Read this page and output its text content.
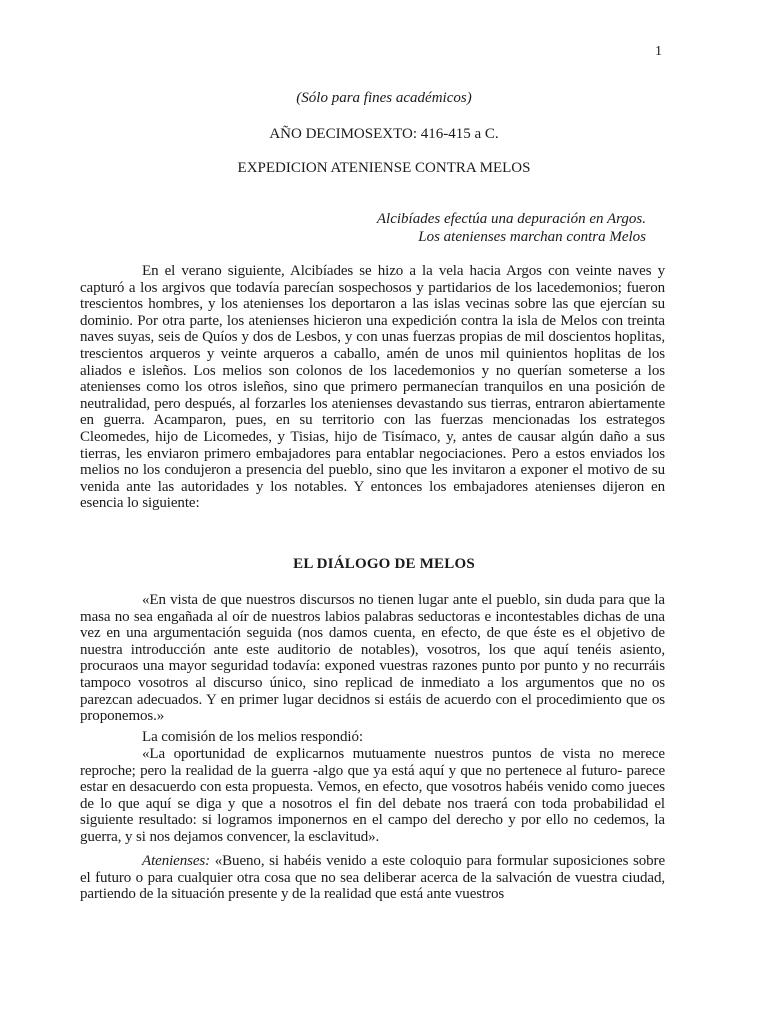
1
(Sólo para fines académicos)
AÑO DECIMOSEXTO: 416-415 a C.
EXPEDICION ATENIENSE CONTRA MELOS
Alcibíades efectúa una depuración en Argos.
Los atenienses marchan contra Melos

En el verano siguiente, Alcibíades se hizo a la vela hacia Argos con veinte naves y capturó a los argivos que todavía parecían sospechosos y partidarios de los lacedemonios; fueron trescientos hombres, y los atenienses los deportaron a las islas vecinas sobre las que ejercían su dominio. Por otra parte, los atenienses hicieron una expedición contra la isla de Melos con treinta naves suyas, seis de Quíos y dos de Lesbos, y con unas fuerzas propias de mil doscientos hoplitas, trescientos arqueros y veinte arqueros a caballo, amén de unos mil quinientos hoplitas de los aliados e isleños. Los melios son colonos de los lacedemonios y no querían someterse a los atenienses como los otros isleños, sino que primero permanecían tranquilos en una posición de neutralidad, pero después, al forzarles los atenienses devastando sus tierras, entraron abiertamente en guerra. Acamparon, pues, en su territorio con las fuerzas mencionadas los estrategos Cleomedes, hijo de Licomedes, y Tisias, hijo de Tisímaco, y, antes de causar algún daño a sus tierras, les enviaron primero embajadores para entablar negociaciones. Pero a estos enviados los melios no los condujeron a presencia del pueblo, sino que les invitaron a exponer el motivo de su venida ante las autoridades y los notables. Y entonces los embajadores atenienses dijeron en esencia lo siguiente:

EL DIÁLOGO DE MELOS

«En vista de que nuestros discursos no tienen lugar ante el pueblo, sin duda para que la masa no sea engañada al oír de nuestros labios palabras seductoras e incontestables dichas de una vez en una argumentación seguida (nos damos cuenta, en efecto, de que éste es el objetivo de nuestra introducción ante este auditorio de notables), vosotros, los que aquí tenéis asiento, procuraos una mayor seguridad todavía: exponed vuestras razones punto por punto y no recurráis tampoco vosotros al discurso único, sino replicad de inmediato a los argumentos que no os parezcan adecuados. Y en primer lugar decidnos si estáis de acuerdo con el procedimiento que os proponemos.»

La comisión de los melios respondió:

«La oportunidad de explicarnos mutuamente nuestros puntos de vista no merece reproche; pero la realidad de la guerra -algo que ya está aquí y que no pertenece al futuro- parece estar en desacuerdo con esta propuesta. Vemos, en efecto, que vosotros habéis venido como jueces de lo que aquí se diga y que a nosotros el fin del debate nos traerá con toda probabilidad el siguiente resultado: si logramos imponernos en el campo del derecho y por ello no cedemos, la guerra, y si nos dejamos convencer, la esclavitud».

Atenienses: «Bueno, si habéis venido a este coloquio para formular suposiciones sobre el futuro o para cualquier otra cosa que no sea deliberar acerca de la salvación de vuestra ciudad, partiendo de la situación presente y de la realidad que está ante vuestros
